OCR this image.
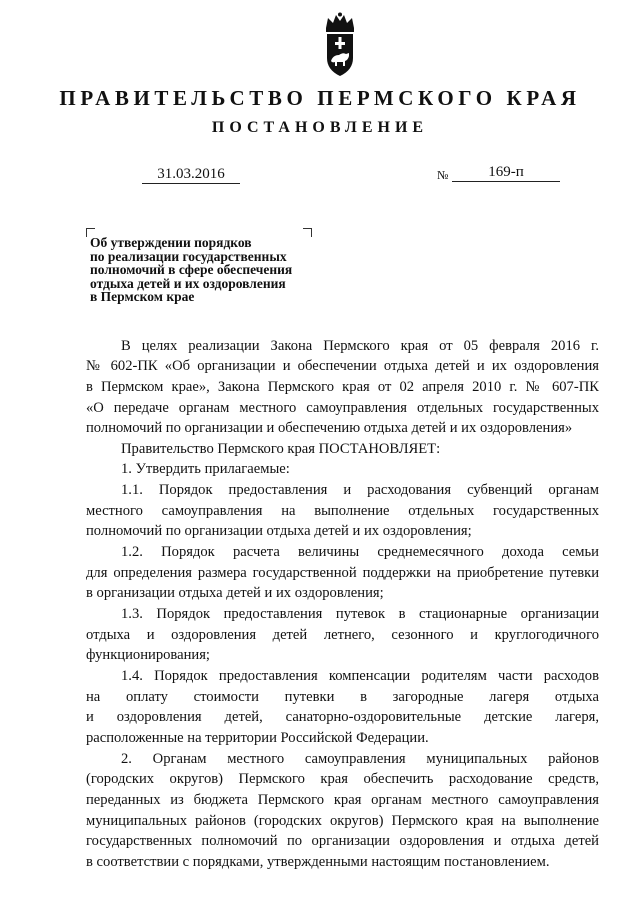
ПРАВИТЕЛЬСТВО ПЕРМСКОГО КРАЯ
ПОСТАНОВЛЕНИЕ
31.03.2016	№	169-п
Об утверждении порядков
по реализации государственных
полномочий в сфере обеспечения
отдыха детей и их оздоровления
в Пермском крае
В целях реализации Закона Пермского края от 05 февраля 2016 г.
№ 602-ПК «Об организации и обеспечении отдыха детей и их оздоровления
в Пермском крае», Закона Пермского края от 02 апреля 2010 г. № 607-ПК
«О передаче органам местного самоуправления отдельных государственных
полномочий по организации и обеспечению отдыха детей и их оздоровления»
Правительство Пермского края ПОСТАНОВЛЯЕТ:
1. Утвердить прилагаемые:
1.1. Порядок предоставления и расходования субвенций органам
местного самоуправления на выполнение отдельных государственных
полномочий по организации отдыха детей и их оздоровления;
1.2. Порядок расчета величины среднемесячного дохода семьи
для определения размера государственной поддержки на приобретение путевки
в организации отдыха детей и их оздоровления;
1.3. Порядок предоставления путевок в стационарные организации
отдыха и оздоровления детей летнего, сезонного и круглогодичного
функционирования;
1.4. Порядок предоставления компенсации родителям части расходов
на оплату стоимости путевки в загородные лагеря отдыха
и оздоровления детей, санаторно-оздоровительные детские лагеря,
расположенные на территории Российской Федерации.
2. Органам местного самоуправления муниципальных районов
(городских округов) Пермского края обеспечить расходование средств,
переданных из бюджета Пермского края органам местного самоуправления
муниципальных районов (городских округов) Пермского края на выполнение
государственных полномочий по организации оздоровления и отдыха детей
в соответствии с порядками, утвержденными настоящим постановлением.
